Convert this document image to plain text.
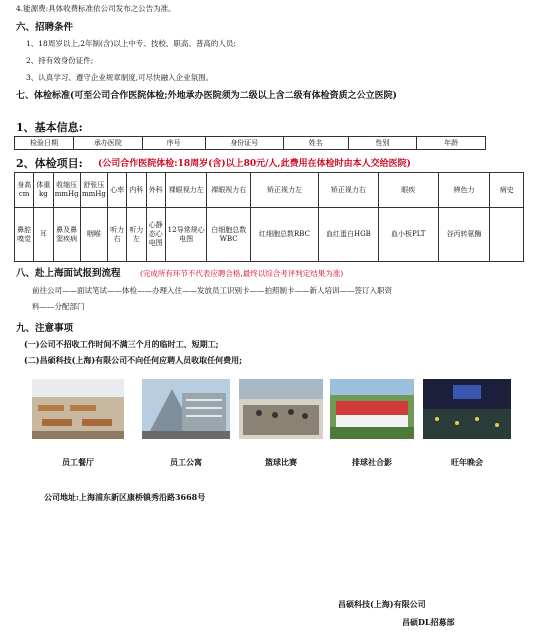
4.能源费:具体收费标准依公司发布之公告为准。
六、招聘条件
1、18周岁以上,2年制(含)以上中专、技校、职高、普高的人员;
2、持有效身份证件;
3、认真学习、遵守企业规章制度,可尽快融入企业氛围。
七、体检标准(可至公司合作医院体检;外地承办医院须为二级以上含二级有体检资质之公立医院)
1、基本信息:
检验日期	承办医院	序号	身份证号	姓名	性别	年龄
2、体检项目: (公司合作医院体检:18周岁(含)以上80元/人,此费用在体检时由本人交给医院)
身高cm	体重kg	收缩压mmHg	舒张压mmHg	心率	内科	外科	裸眼视力左	裸眼视力右	矫正视力左	矫正视力右	眼疾	辨色力	病史
鼻腔嗅觉	耳	鼻及鼻窦疾病	咽喉	听力右	听力左	心静态心电图	12导常规心电图	白细胞总数WBC	红细胞总数RBC	血红蛋白HGB	血小板PLT	谷丙转氨酶	
八、赴上海面试报到流程	(完成所有环节不代表应聘合格,最终以综合考评判定结果为准)
前往公司——面试笔试——体检——办理入住——发放员工识别卡——拍照制卡——新人培训——签订入职资
料——分配部门
九、注意事项
(一)公司不招收工作时间不满三个月的临时工、短期工;
(二)昌硕科技(上海)有限公司不向任何应聘人员收取任何费用;
员工餐厅	员工公寓	篮球比赛	排球社合影	旺年晚会
公司地址:上海浦东新区康桥镇秀沿路3668号
昌硕科技(上海)有限公司
昌硕DL招募部
